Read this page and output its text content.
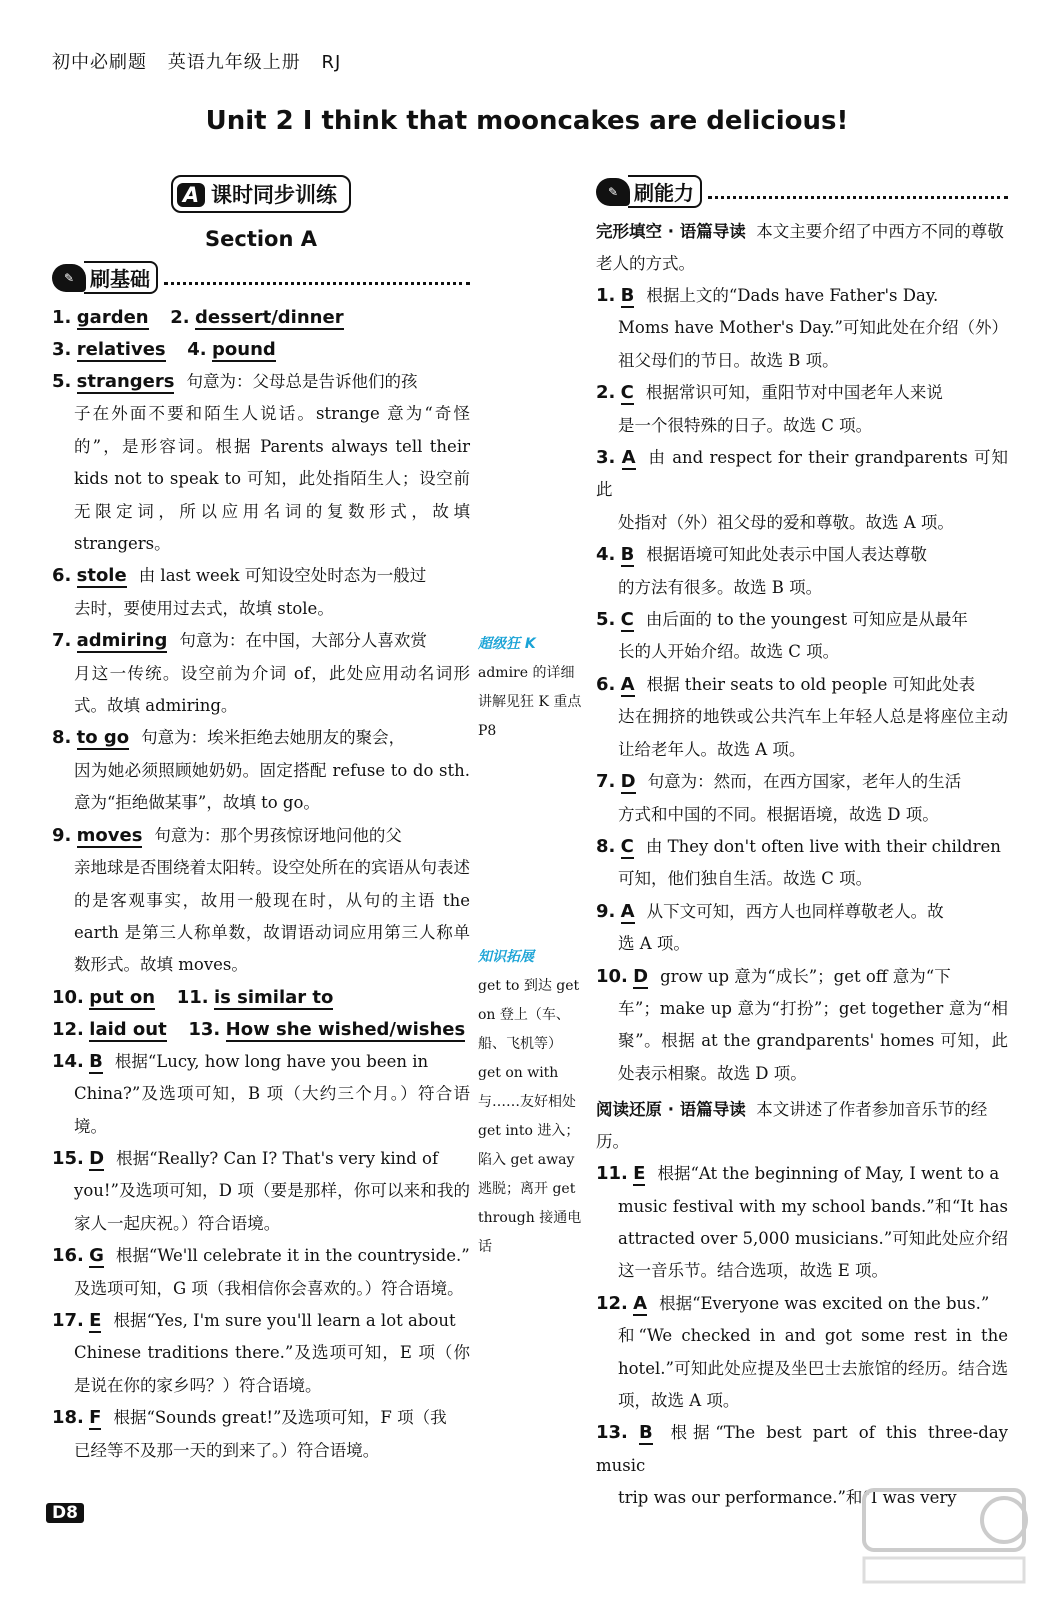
初中必刷题 英语九年级上册 RJ
Unit 2 I think that mooncakes are delicious!
A 课时同步训练
Section A
✎ 刷基础
1. garden 2. dessert/dinner
3. relatives 4. pound
5. strangers 句意为：父母总是告诉他们的孩
子在外面不要和陌生人说话。strange 意为“奇怪的”，是形容词。根据 Parents always tell their kids not to speak to 可知，此处指陌生人；设空前无限定词，所以应用名词的复数形式，故填 strangers。
6. stole 由 last week 可知设空处时态为一般过
去时，要使用过去式，故填 stole。
7. admiring 句意为：在中国，大部分人喜欢赏
月这一传统。设空前为介词 of，此处应用动名词形式。故填 admiring。
8. to go 句意为：埃米拒绝去她朋友的聚会，
因为她必须照顾她奶奶。固定搭配 refuse to do sth. 意为“拒绝做某事”，故填 to go。
9. moves 句意为：那个男孩惊讶地问他的父
亲地球是否围绕着太阳转。设空处所在的宾语从句表述的是客观事实，故用一般现在时，从句的主语 the earth 是第三人称单数，故谓语动词应用第三人称单数形式。故填 moves。
10. put on 11. is similar to
12. laid out 13. How she wished/wishes
14. B 根据“Lucy, how long have you been in
China?”及选项可知，B 项（大约三个月。）符合语境。
15. D 根据“Really? Can I? That's very kind of
you!”及选项可知，D 项（要是那样，你可以来和我的家人一起庆祝。）符合语境。
16. G 根据“We'll celebrate it in the countryside.”
及选项可知，G 项（我相信你会喜欢的。）符合语境。
17. E 根据“Yes, I'm sure you'll learn a lot about
Chinese traditions there.”及选项可知，E 项（你是说在你的家乡吗？）符合语境。
18. F 根据“Sounds great!”及选项可知，F 项（我
已经等不及那一天的到来了。）符合语境。
超级狂 K
admire 的详细讲解见狂 K 重点 P8
知识拓展
get to 到达 get on 登上（车、船、飞机等） get on with 与……友好相处 get into 进入；陷入 get away 逃脱；离开 get through 接通电话
✎ 刷能力
完形填空 · 语篇导读 本文主要介绍了中西方不同的尊敬老人的方式。
1. B 根据上文的“Dads have Father's Day.
Moms have Mother's Day.”可知此处在介绍（外）祖父母们的节日。故选 B 项。
2. C 根据常识可知，重阳节对中国老年人来说
是一个很特殊的日子。故选 C 项。
3. A 由 and respect for their grandparents 可知此
处指对（外）祖父母的爱和尊敬。故选 A 项。
4. B 根据语境可知此处表示中国人表达尊敬
的方法有很多。故选 B 项。
5. C 由后面的 to the youngest 可知应是从最年
长的人开始介绍。故选 C 项。
6. A 根据 their seats to old people 可知此处表
达在拥挤的地铁或公共汽车上年轻人总是将座位主动让给老年人。故选 A 项。
7. D 句意为：然而，在西方国家，老年人的生活
方式和中国的不同。根据语境，故选 D 项。
8. C 由 They don't often live with their children
可知，他们独自生活。故选 C 项。
9. A 从下文可知，西方人也同样尊敬老人。故
选 A 项。
10. D grow up 意为“成长”；get off 意为“下
车”；make up 意为“打扮”；get together 意为“相聚”。根据 at the grandparents' homes 可知，此处表示相聚。故选 D 项。
阅读还原 · 语篇导读 本文讲述了作者参加音乐节的经历。
11. E 根据“At the beginning of May, I went to a
music festival with my school bands.”和“It has attracted over 5,000 musicians.”可知此处应介绍这一音乐节。结合选项，故选 E 项。
12. A 根据“Everyone was excited on the bus.”
和“We checked in and got some rest in the hotel.”可知此处应提及坐巴士去旅馆的经历。结合选项，故选 A 项。
13. B 根据“The best part of this three-day music
trip was our performance.”和“I was very
D8
